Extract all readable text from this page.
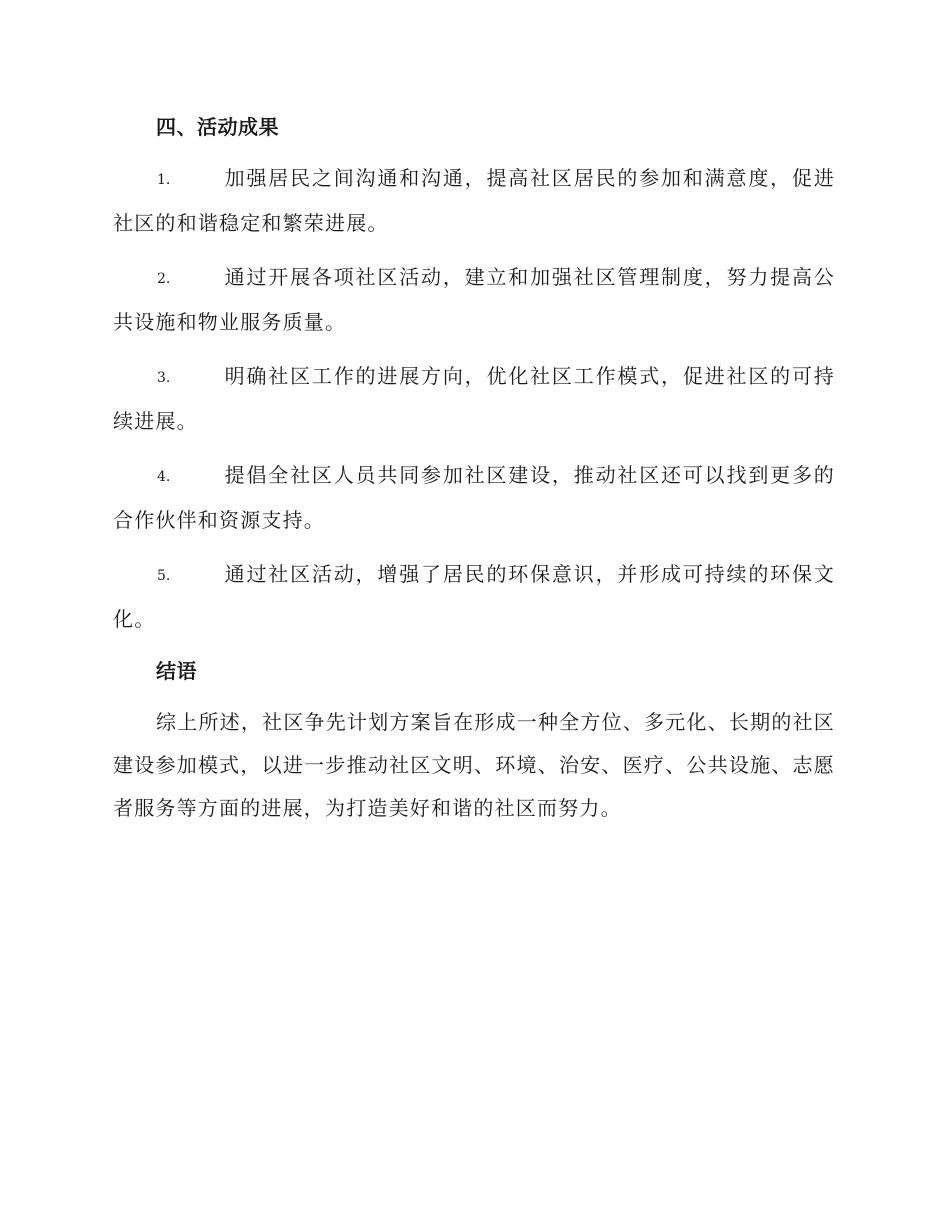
四、活动成果

1.	加强居民之间沟通和沟通，提高社区居民的参加和满意度，促进社区的和谐稳定和繁荣进展。

2.	通过开展各项社区活动，建立和加强社区管理制度，努力提高公共设施和物业服务质量。

3.	明确社区工作的进展方向，优化社区工作模式，促进社区的可持续进展。

4.	提倡全社区人员共同参加社区建设，推动社区还可以找到更多的合作伙伴和资源支持。

5.	通过社区活动，增强了居民的环保意识，并形成可持续的环保文化。

结语

综上所述，社区争先计划方案旨在形成一种全方位、多元化、长期的社区建设参加模式，以进一步推动社区文明、环境、治安、医疗、公共设施、志愿者服务等方面的进展，为打造美好和谐的社区而努力。
